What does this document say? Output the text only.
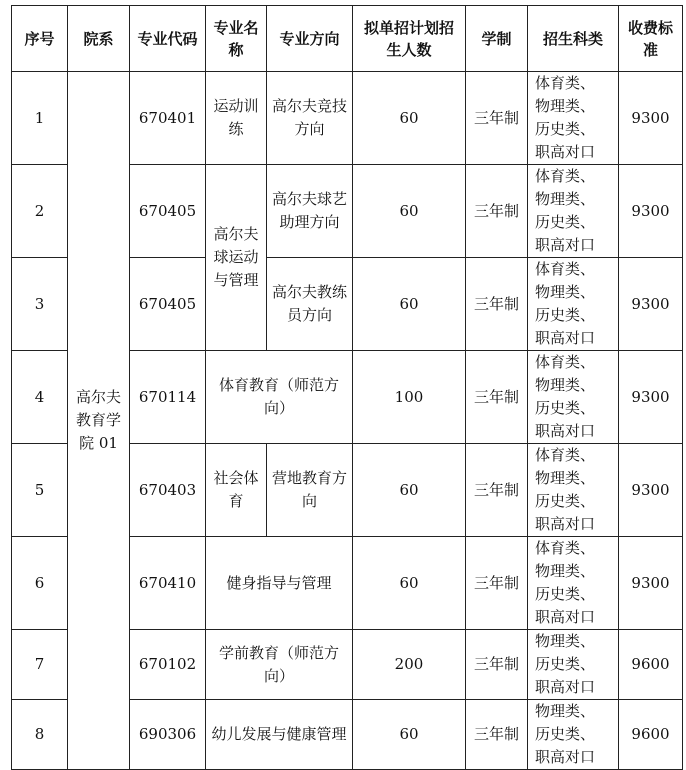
序号	院系	专业代码	专业名称	专业方向	拟单招计划招生人数	学制	招生科类	收费标准
1	高尔夫教育学院 01	670401	运动训练	高尔夫竞技方向	60	三年制	体育类、
物理类、
历史类、
职高对口	9300
2		670405	高尔夫球运动与管理	高尔夫球艺助理方向	60	三年制	体育类、
物理类、
历史类、
职高对口	9300
3		670405		高尔夫教练员方向	60	三年制	体育类、
物理类、
历史类、
职高对口	9300
4		670114	体育教育（师范方向）		100	三年制	体育类、
物理类、
历史类、
职高对口	9300
5		670403	社会体育	营地教育方向	60	三年制	体育类、
物理类、
历史类、
职高对口	9300
6		670410	健身指导与管理		60	三年制	体育类、
物理类、
历史类、
职高对口	9300
7		670102	学前教育（师范方向）		200	三年制	物理类、
历史类、
职高对口	9600
8		690306	幼儿发展与健康管理		60	三年制	物理类、
历史类、
职高对口	9600
